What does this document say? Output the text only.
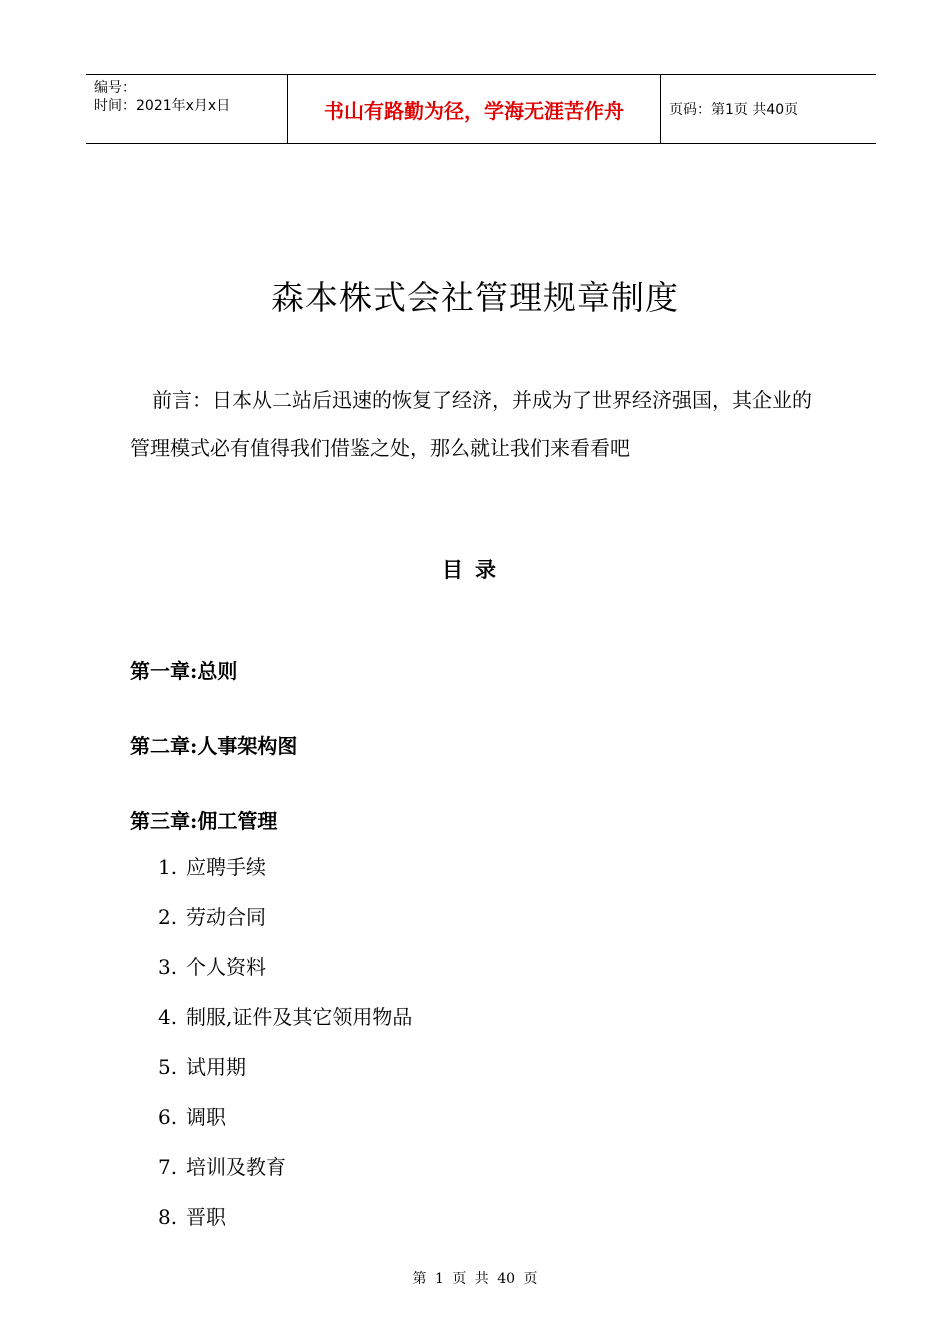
编号：
时间：2021年x月x日	书山有路勤为径，学海无涯苦作舟	页码：第1页 共40页
森本株式会社管理规章制度

前言：日本从二站后迅速的恢复了经济，并成为了世界经济强国，其企业的管理模式必有值得我们借鉴之处，那么就让我们来看看吧

目录
第一章:总则
第二章:人事架构图
第三章:佣工管理
1. 应聘手续
2. 劳动合同
3. 个人资料
4. 制服,证件及其它领用物品
5. 试用期
6. 调职
7. 培训及教育
8. 晋职
第 1 页 共 40 页
